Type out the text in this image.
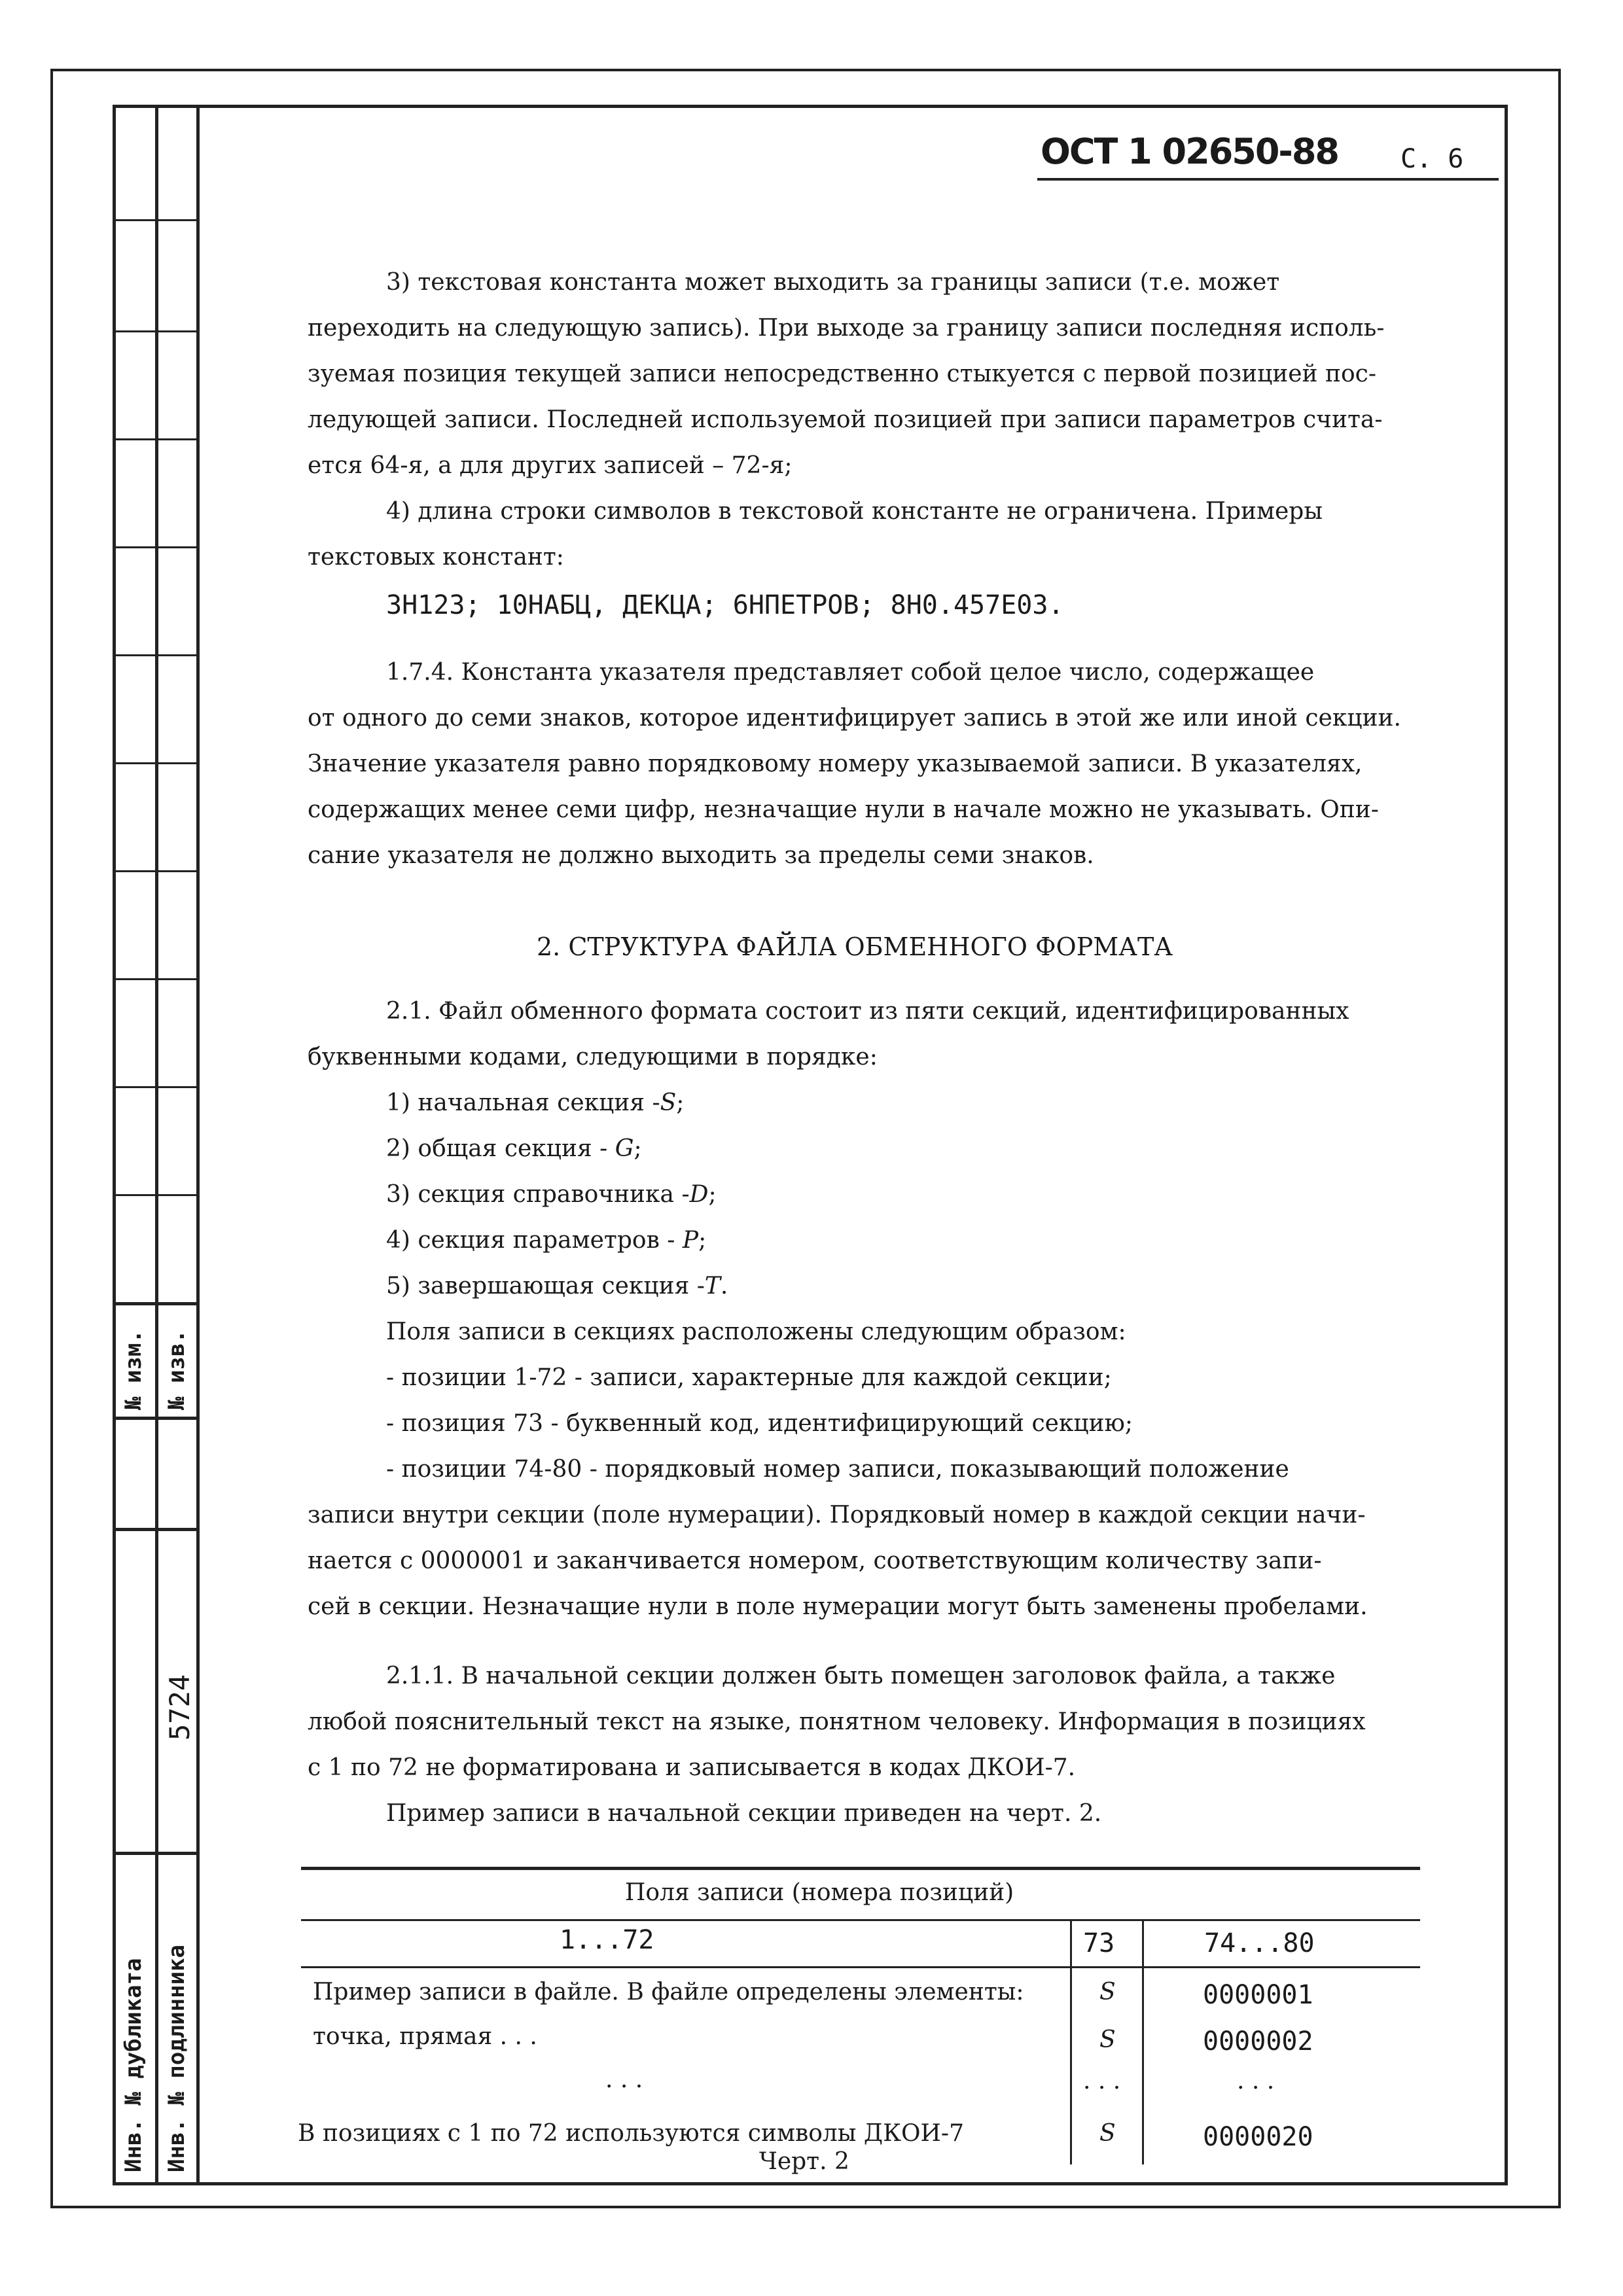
№ изм. № изв.
5724
Инв. № дубликата Инв. № подлинника
ОСТ 1 02650-88 С. 6
3) текстовая константа может выходить за границы записи (т.е. может
переходить на следующую запись). При выходе за границу записи последняя исполь-
зуемая позиция текущей записи непосредственно стыкуется с первой позицией пос-
ледующей записи. Последней используемой позицией при записи параметров счита-
ется 64-я, а для других записей – 72-я;
4) длина строки символов в текстовой константе не ограничена. Примеры
текстовых констант:
3Н123; 10НАБЦ, ДЕКЦА; 6НПЕТРОВ; 8Н0.457Е03.
1.7.4. Константа указателя представляет собой целое число, содержащее
от одного до семи знаков, которое идентифицирует запись в этой же или иной секции.
Значение указателя равно порядковому номеру указываемой записи. В указателях,
содержащих менее семи цифр, незначащие нули в начале можно не указывать. Опи-
сание указателя не должно выходить за пределы семи знаков.
2. СТРУКТУРА ФАЙЛА ОБМЕННОГО ФОРМАТА
2.1. Файл обменного формата состоит из пяти секций, идентифицированных
буквенными кодами, следующими в порядке:
1) начальная секция -S;
2) общая секция - G;
3) секция справочника -D;
4) секция параметров - P;
5) завершающая секция -T.
Поля записи в секциях расположены следующим образом:
- позиции 1-72 - записи, характерные для каждой секции;
- позиция 73 - буквенный код, идентифицирующий секцию;
- позиции 74-80 - порядковый номер записи, показывающий положение
записи внутри секции (поле нумерации). Порядковый номер в каждой секции начи-
нается с 0000001 и заканчивается номером, соответствующим количеству запи-
сей в секции. Незначащие нули в поле нумерации могут быть заменены пробелами.
2.1.1. В начальной секции должен быть помещен заголовок файла, а также
любой пояснительный текст на языке, понятном человеку. Информация в позициях
с 1 по 72 не форматирована и записывается в кодах ДКОИ-7.
Пример записи в начальной секции приведен на черт. 2.
Поля записи (номера позиций)
1...72	73	74...80
Пример записи в файле. В файле определены элементы:	S	0000001
точка, прямая . . .	S	0000002
. . .	. . .	. . .
В позициях с 1 по 72 используются символы ДКОИ-7	S	0000020
Черт. 2
